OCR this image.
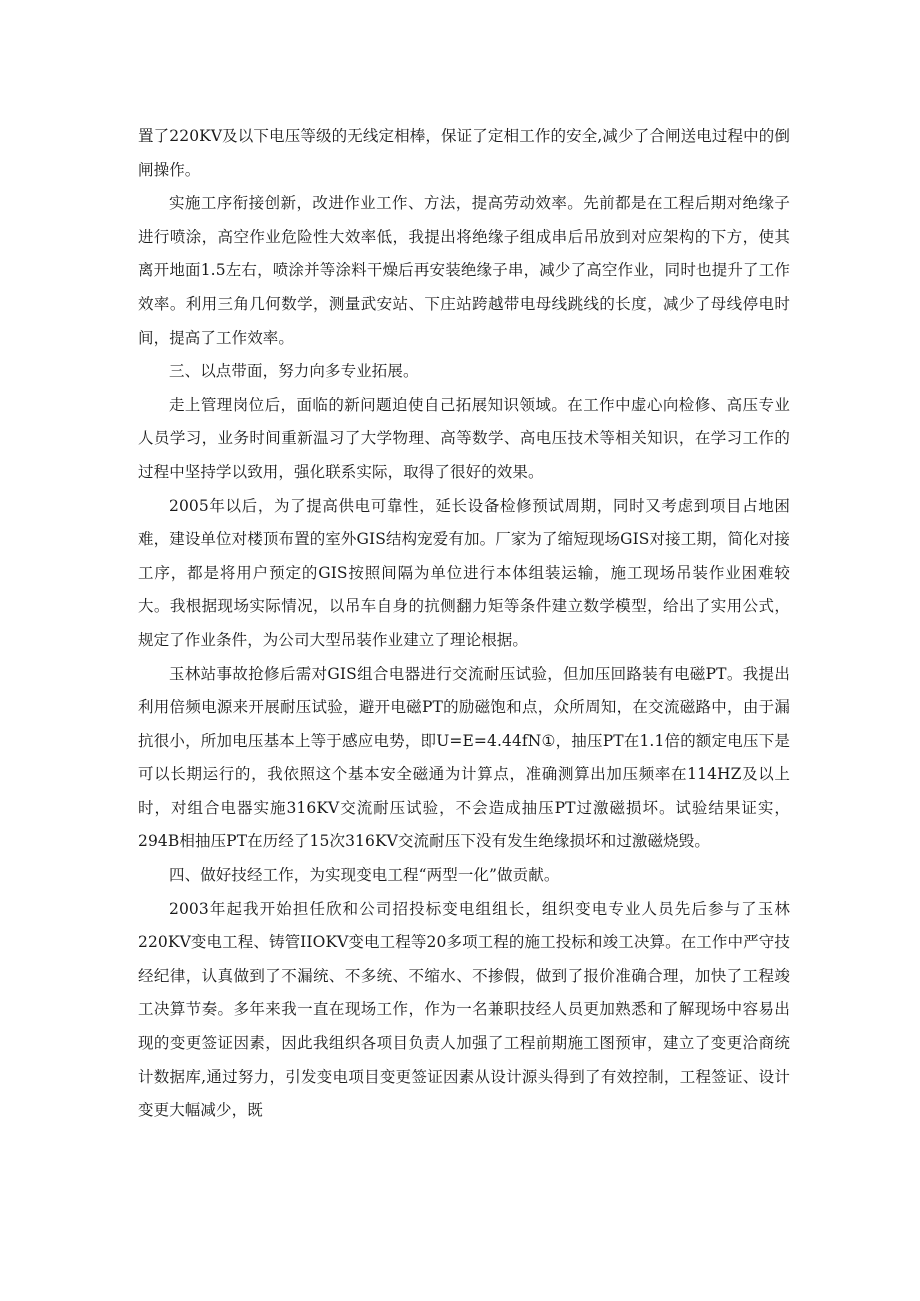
置了220KV及以下电压等级的无线定相棒，保证了定相工作的安全,减少了合闸送电过程中的倒闸操作。

实施工序衔接创新，改进作业工作、方法，提高劳动效率。先前都是在工程后期对绝缘子进行喷涂，高空作业危险性大效率低，我提出将绝缘子组成串后吊放到对应架构的下方，使其离开地面1.5左右，喷涂并等涂料干燥后再安装绝缘子串，减少了高空作业，同时也提升了工作效率。利用三角几何数学，测量武安站、下庄站跨越带电母线跳线的长度，减少了母线停电时间，提高了工作效率。

三、以点带面，努力向多专业拓展。

走上管理岗位后，面临的新问题迫使自己拓展知识领域。在工作中虚心向检修、高压专业人员学习，业务时间重新温习了大学物理、高等数学、高电压技术等相关知识，在学习工作的过程中坚持学以致用，强化联系实际，取得了很好的效果。

2005年以后，为了提高供电可靠性，延长设备检修预试周期，同时又考虑到项目占地困难，建设单位对楼顶布置的室外GIS结构宠爱有加。厂家为了缩短现场GIS对接工期，简化对接工序，都是将用户预定的GIS按照间隔为单位进行本体组装运输，施工现场吊装作业困难较大。我根据现场实际情况，以吊车自身的抗侧翻力矩等条件建立数学模型，给出了实用公式，规定了作业条件，为公司大型吊装作业建立了理论根据。

玉林站事故抢修后需对GIS组合电器进行交流耐压试验，但加压回路装有电磁PT。我提出利用倍频电源来开展耐压试验，避开电磁PT的励磁饱和点，众所周知，在交流磁路中，由于漏抗很小，所加电压基本上等于感应电势，即U=E=4.44fN①，抽压PT在1.1倍的额定电压下是可以长期运行的，我依照这个基本安全磁通为计算点，准确测算出加压频率在114HZ及以上时，对组合电器实施316KV交流耐压试验，不会造成抽压PT过激磁损坏。试验结果证实，294B相抽压PT在历经了15次316KV交流耐压下没有发生绝缘损坏和过激磁烧毁。

四、做好技经工作，为实现变电工程“两型一化”做贡献。

2003年起我开始担任欣和公司招投标变电组组长，组织变电专业人员先后参与了玉林220KV变电工程、铸管IIOKV变电工程等20多项工程的施工投标和竣工决算。在工作中严守技经纪律，认真做到了不漏统、不多统、不缩水、不掺假，做到了报价准确合理，加快了工程竣工决算节奏。多年来我一直在现场工作，作为一名兼职技经人员更加熟悉和了解现场中容易出现的变更签证因素，因此我组织各项目负责人加强了工程前期施工图预审，建立了变更洽商统计数据库,通过努力，引发变电项目变更签证因素从设计源头得到了有效控制，工程签证、设计变更大幅减少，既
